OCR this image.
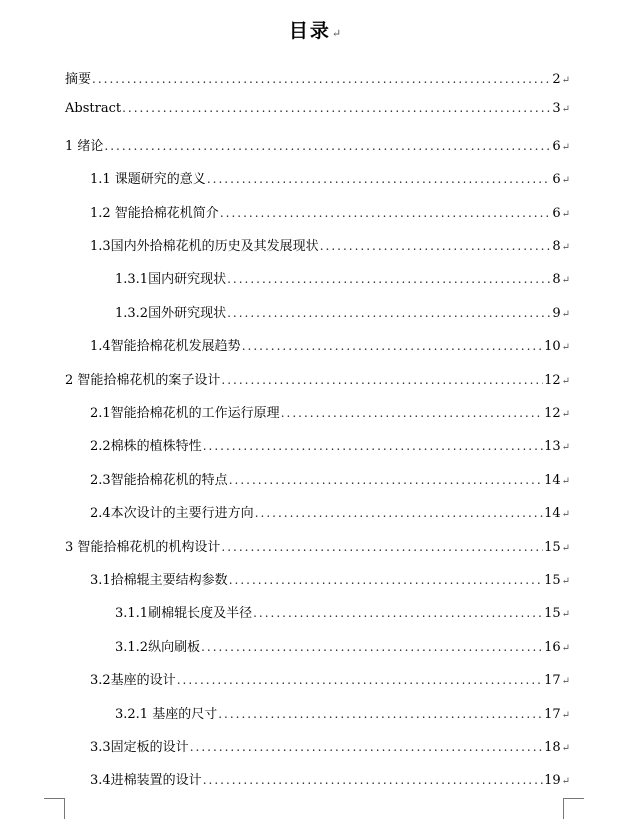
目录↵
摘要 .....	2 ↵
Abstract .....	3 ↵
1 绪论 .....	6 ↵
1.1 课题研究的意义 .....	6 ↵
1.2 智能拾棉花机简介 .....	6 ↵
1.3国内外拾棉花机的历史及其发展现状 .....	8 ↵
1.3.1国内研究现状 .....	8 ↵
1.3.2国外研究现状 .....	9 ↵
1.4智能拾棉花机发展趋势 .....	10 ↵
2 智能拾棉花机的案子设计 .....	12 ↵
2.1智能拾棉花机的工作运行原理 .....	12 ↵
2.2棉株的植株特性 .....	13 ↵
2.3智能拾棉花机的特点 .....	14 ↵
2.4本次设计的主要行进方向 .....	14 ↵
3 智能拾棉花机的机构设计 .....	15 ↵
3.1拾棉辊主要结构参数 .....	15 ↵
3.1.1刷棉辊长度及半径 .....	15 ↵
3.1.2纵向刷板 .....	16 ↵
3.2基座的设计 .....	17 ↵
3.2.1 基座的尺寸 .....	17 ↵
3.3固定板的设计 .....	18 ↵
3.4进棉装置的设计 .....	19 ↵
